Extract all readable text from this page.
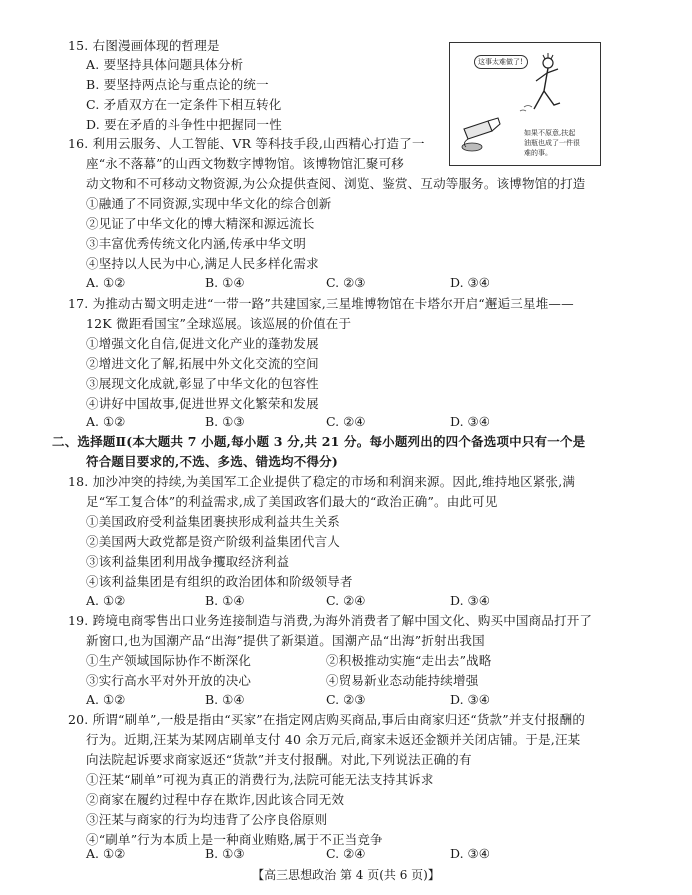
15. 右图漫画体现的哲理是
A. 要坚持具体问题具体分析
B. 要坚持两点论与重点论的统一
C. 矛盾双方在一定条件下相互转化
D. 要在矛盾的斗争性中把握同一性
这事太难做了!
如果不原意,扶起
油瓶也成了一件很
难的事。
16. 利用云服务、人工智能、VR 等科技手段,山西精心打造了一
座“永不落幕”的山西文物数字博物馆。该博物馆汇聚可移
动文物和不可移动文物资源,为公众提供查阅、浏览、鉴赏、互动等服务。该博物馆的打造
①融通了不同资源,实现中华文化的综合创新
②见证了中华文化的博大精深和源远流长
③丰富优秀传统文化内涵,传承中华文明
④坚持以人民为中心,满足人民多样化需求
A. ①②	B. ①④	C. ②③	D. ③④
17. 为推动古蜀文明走进“一带一路”共建国家,三星堆博物馆在卡塔尔开启“邂逅三星堆——
12K 微距看国宝”全球巡展。该巡展的价值在于
①增强文化自信,促进文化产业的蓬勃发展
②增进文化了解,拓展中外文化交流的空间
③展现文化成就,彰显了中华文化的包容性
④讲好中国故事,促进世界文化繁荣和发展
A. ①②	B. ①③	C. ②④	D. ③④
二、选择题Ⅱ(本大题共 7 小题,每小题 3 分,共 21 分。每小题列出的四个备选项中只有一个是
符合题目要求的,不选、多选、错选均不得分)
18. 加沙冲突的持续,为美国军工企业提供了稳定的市场和利润来源。因此,维持地区紧张,满
足“军工复合体”的利益需求,成了美国政客们最大的“政治正确”。由此可见
①美国政府受利益集团裹挟形成利益共生关系
②美国两大政党都是资产阶级利益集团代言人
③该利益集团利用战争攫取经济利益
④该利益集团是有组织的政治团体和阶级领导者
A. ①②	B. ①④	C. ②④	D. ③④
19. 跨境电商零售出口业务连接制造与消费,为海外消费者了解中国文化、购买中国商品打开了
新窗口,也为国潮产品“出海”提供了新渠道。国潮产品“出海”折射出我国
①生产领域国际协作不断深化	②积极推动实施“走出去”战略
③实行高水平对外开放的决心	④贸易新业态动能持续增强
A. ①②	B. ①④	C. ②③	D. ③④
20. 所谓“刷单”,一般是指由“买家”在指定网店购买商品,事后由商家归还“货款”并支付报酬的
行为。近期,汪某为某网店刷单支付 40 余万元后,商家未返还金额并关闭店铺。于是,汪某
向法院起诉要求商家返还“货款”并支付报酬。对此,下列说法正确的有
①汪某“刷单”可视为真正的消费行为,法院可能无法支持其诉求
②商家在履约过程中存在欺诈,因此该合同无效
③汪某与商家的行为均违背了公序良俗原则
④“刷单”行为本质上是一种商业贿赂,属于不正当竞争
A. ①②	B. ①③	C. ②④	D. ③④
【高三思想政治 第 4 页(共 6 页)】
